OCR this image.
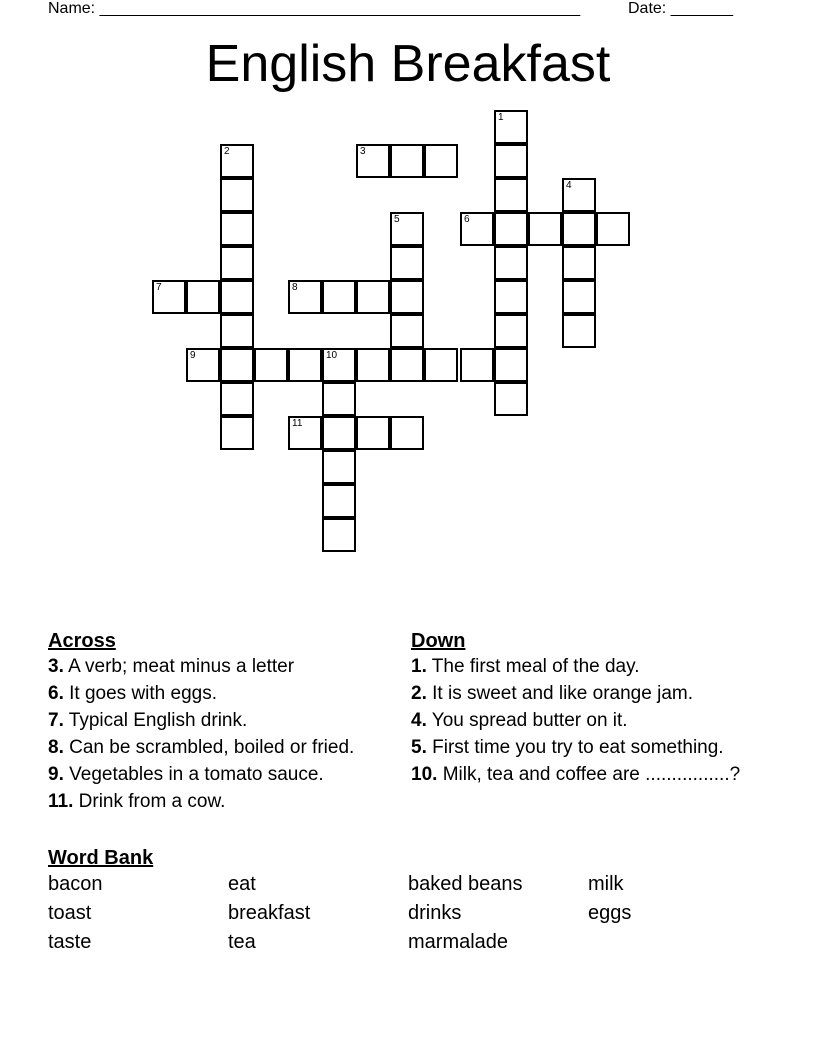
Name: ______________________________________________________	Date: _______
English Breakfast
1
2	3
4
5	6
7	8
9	10
11
Across
3. A verb; meat minus a letter
6. It goes with eggs.
7. Typical English drink.
8. Can be scrambled, boiled or fried.
9. Vegetables in a tomato sauce.
11. Drink from a cow.
Down
1. The first meal of the day.
2. It is sweet and like orange jam.
4. You spread butter on it.
5. First time you try to eat something.
10. Milk, tea and coffee are ................?
Word Bank
bacon	eat	baked beans	milk
toast	breakfast	drinks	eggs
taste	tea	marmalade
